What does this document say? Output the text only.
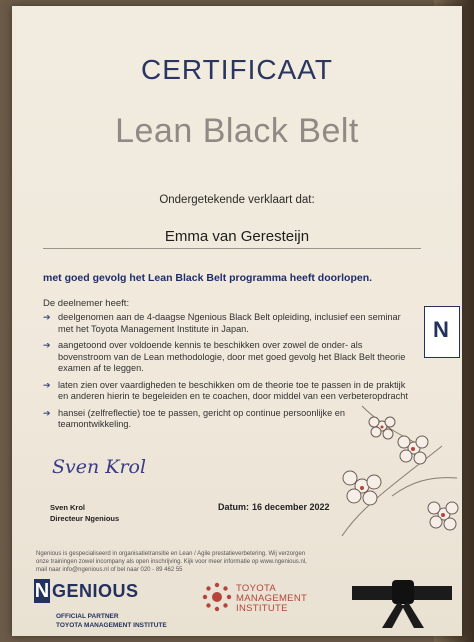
CERTIFICAAT
Lean Black Belt
Ondergetekende verklaart dat:
Emma van Geresteijn
met goed gevolg het Lean Black Belt programma heeft doorlopen.
De deelnemer heeft:
➔ deelgenomen aan de 4-daagse Ngenious Black Belt opleiding, inclusief een seminar met het Toyota Management Institute in Japan.
➔ aangetoond over voldoende kennis te beschikken over zowel de onder- als bovenstroom van de Lean methodologie, door met goed gevolg het Black Belt theorie examen af te leggen.
➔ laten zien over vaardigheden te beschikken om de theorie toe te passen in de praktijk en anderen hierin te begeleiden en te coachen, door middel van een verbeteropdracht
➔ hansei (zelfreflectie) toe te passen, gericht op continue persoonlijke en teamontwikkeling.
N
Sven Krol
Sven Krol
Directeur Ngenious
Datum: 16 december 2022
Ngenious is gespecialiseerd in organisatietransitie en Lean / Agile prestatieverbetering. Wij verzorgen
onze trainingen zowel incompany als open inschrijving. Kijk voor meer informatie op www.ngenious.nl,
mail naar info@ngenious.nl of bel naar 020 - 89 462 55
N GENIOUS
OFFICIAL PARTNER
TOYOTA MANAGEMENT INSTITUTE
TOYOTA
MANAGEMENT
INSTITUTE
